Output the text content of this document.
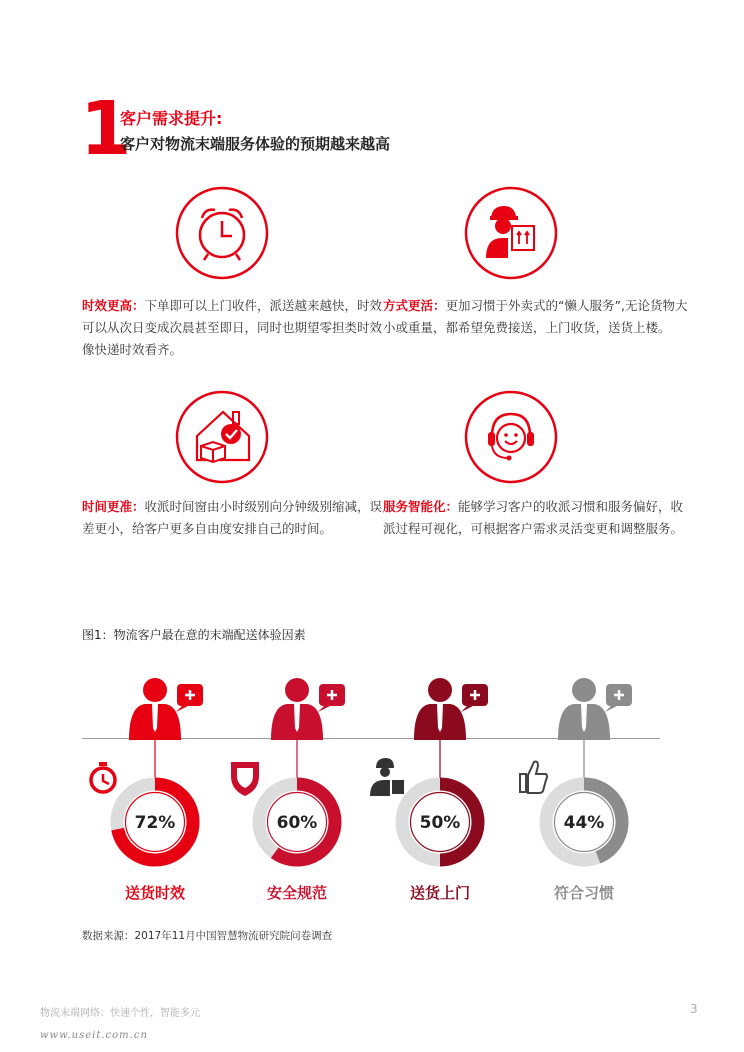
1
客户需求提升:
客户对物流末端服务体验的预期越来越高
时效更高：下单即可以上门收件，派送越来越快，时效可以从次日变成次晨甚至即日，同时也期望零担类时效像快递时效看齐。
方式更活：更加习惯于外卖式的“懒人服务”,无论货物大小或重量，都希望免费接送，上门收货，送货上楼。
时间更准：收派时间窗由小时级别向分钟级别缩减，误差更小，给客户更多自由度安排自己的时间。
服务智能化：能够学习客户的收派习惯和服务偏好，收派过程可视化，可根据客户需求灵活变更和调整服务。
图1：物流客户最在意的末端配送体验因素
72%
送货时效
60%
安全规范
50%
送货上门
44%
符合习惯
数据来源：2017年11月中国智慧物流研究院问卷调查
物流末端网络：快速个性，智能多元	3
www.useit.com.cn
